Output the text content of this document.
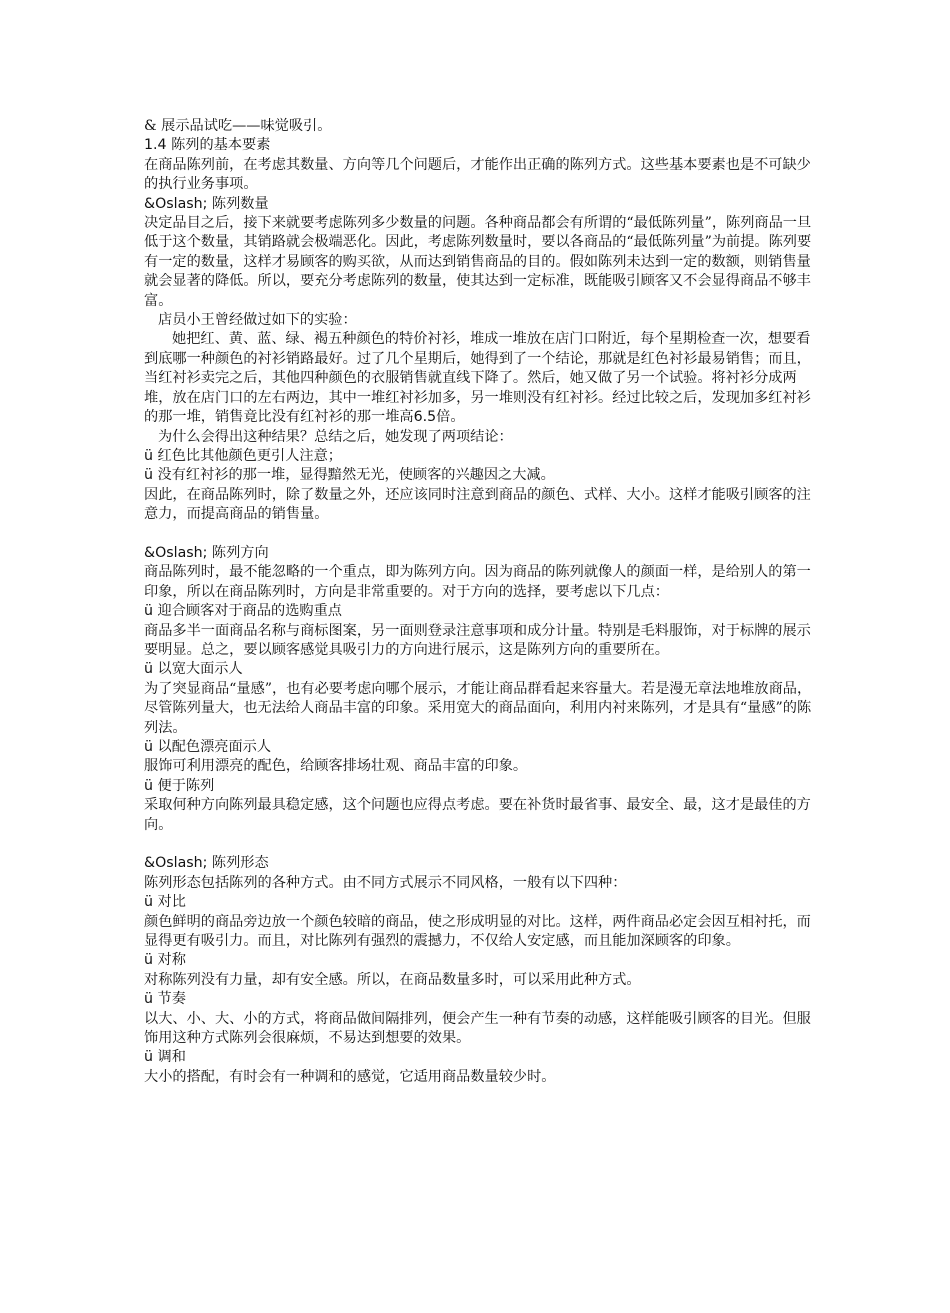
& 展示品试吃——味觉吸引。

1.4 陈列的基本要素

在商品陈列前，在考虑其数量、方向等几个问题后，才能作出正确的陈列方式。这些基本要素也是不可缺少的执行业务事项。

&Oslash; 陈列数量

决定品目之后，接下来就要考虑陈列多少数量的问题。各种商品都会有所谓的“最低陈列量”，陈列商品一旦低于这个数量，其销路就会极端恶化。因此，考虑陈列数量时，要以各商品的“最低陈列量”为前提。陈列要有一定的数量，这样才易顾客的购买欲，从而达到销售商品的目的。假如陈列未达到一定的数额，则销售量就会显著的降低。所以，要充分考虑陈列的数量，使其达到一定标准，既能吸引顾客又不会显得商品不够丰富。

店员小王曾经做过如下的实验：

她把红、黄、蓝、绿、褐五种颜色的特价衬衫，堆成一堆放在店门口附近，每个星期检查一次，想要看到底哪一种颜色的衬衫销路最好。过了几个星期后，她得到了一个结论，那就是红色衬衫最易销售；而且，当红衬衫卖完之后，其他四种颜色的衣服销售就直线下降了。然后，她又做了另一个试验。将衬衫分成两堆，放在店门口的左右两边，其中一堆红衬衫加多，另一堆则没有红衬衫。经过比较之后，发现加多红衬衫的那一堆，销售竟比没有红衬衫的那一堆高6.5倍。

为什么会得出这种结果？总结之后，她发现了两项结论：

ü 红色比其他颜色更引人注意；

ü 没有红衬衫的那一堆，显得黯然无光，使顾客的兴趣因之大减。

因此，在商品陈列时，除了数量之外，还应该同时注意到商品的颜色、式样、大小。这样才能吸引顾客的注意力，而提高商品的销售量。

&Oslash; 陈列方向

商品陈列时，最不能忽略的一个重点，即为陈列方向。因为商品的陈列就像人的颜面一样，是给别人的第一印象，所以在商品陈列时，方向是非常重要的。对于方向的选择，要考虑以下几点：

ü 迎合顾客对于商品的选购重点

商品多半一面商品名称与商标图案，另一面则登录注意事项和成分计量。特别是毛料服饰，对于标牌的展示要明显。总之，要以顾客感觉具吸引力的方向进行展示，这是陈列方向的重要所在。

ü 以宽大面示人

为了突显商品“量感”，也有必要考虑向哪个展示，才能让商品群看起来容量大。若是漫无章法地堆放商品，尽管陈列量大，也无法给人商品丰富的印象。采用宽大的商品面向，利用内衬来陈列，才是具有“量感”的陈列法。

ü 以配色漂亮面示人

服饰可利用漂亮的配色，给顾客排场壮观、商品丰富的印象。

ü 便于陈列

采取何种方向陈列最具稳定感，这个问题也应得点考虑。要在补货时最省事、最安全、最，这才是最佳的方向。

&Oslash; 陈列形态

陈列形态包括陈列的各种方式。由不同方式展示不同风格，一般有以下四种：

ü 对比

颜色鲜明的商品旁边放一个颜色较暗的商品，使之形成明显的对比。这样，两件商品必定会因互相衬托，而显得更有吸引力。而且，对比陈列有强烈的震撼力，不仅给人安定感，而且能加深顾客的印象。

ü 对称

对称陈列没有力量，却有安全感。所以，在商品数量多时，可以采用此种方式。

ü 节奏

以大、小、大、小的方式，将商品做间隔排列，便会产生一种有节奏的动感，这样能吸引顾客的目光。但服饰用这种方式陈列会很麻烦，不易达到想要的效果。

ü 调和

大小的搭配，有时会有一种调和的感觉，它适用商品数量较少时。
